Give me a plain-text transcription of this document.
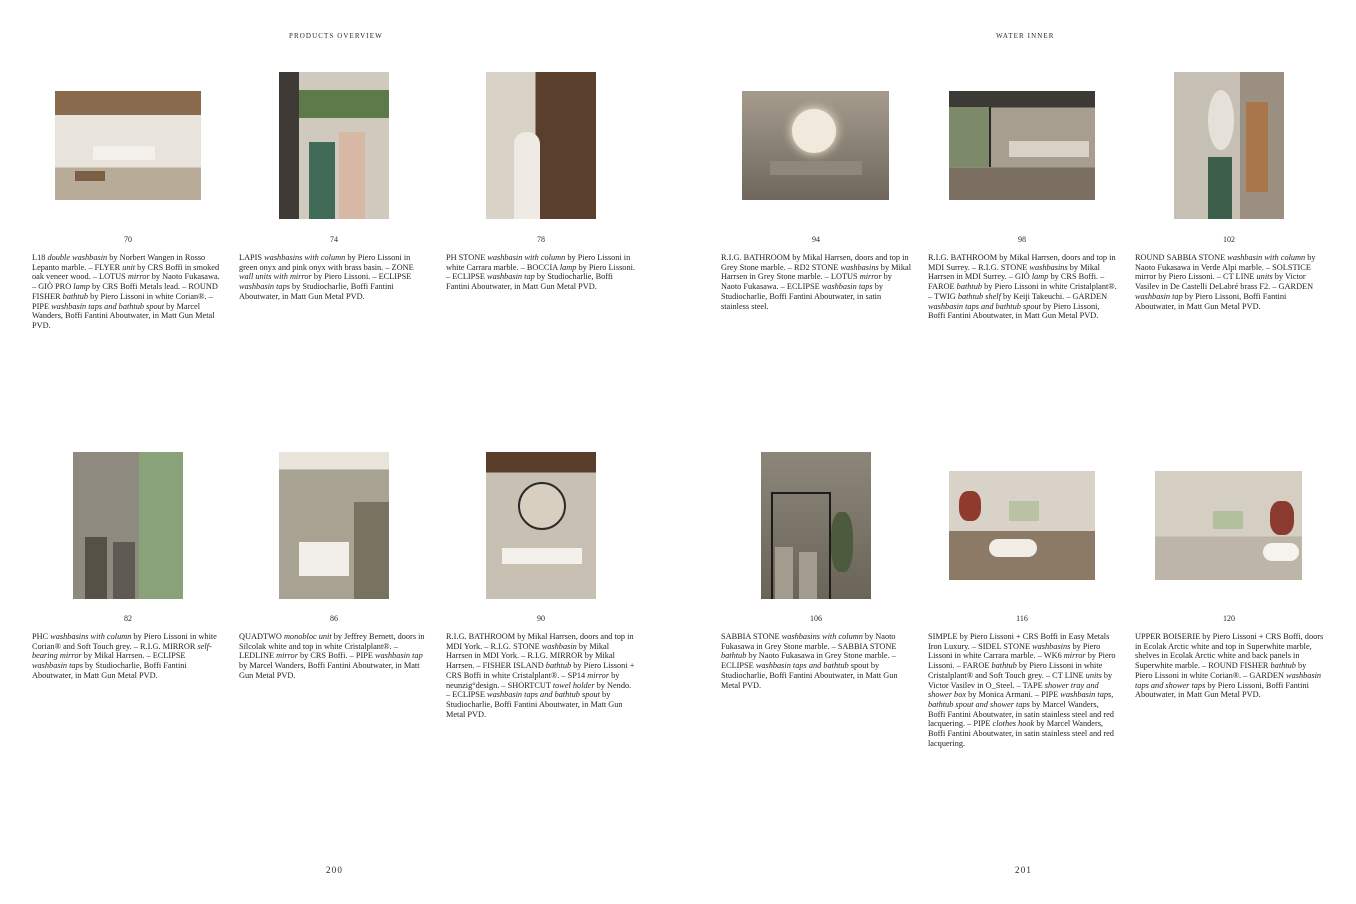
PRODUCTS OVERVIEW	WATER INNER
70	74	78	94	98	102
82	86	90	106	116	120
L18 double washbasin by Norbert Wangen in Rosso Lepanto marble. – FLYER unit by CRS Boffi in smoked oak veneer wood. – LOTUS mirror by Naoto Fukasawa. – GIÒ PRO lamp by CRS Boffi Metals lead. – ROUND FISHER bathtub by Piero Lissoni in white Corian®. – PIPE washbasin taps and bathtub spout by Marcel Wanders, Boffi Fantini Aboutwater, in Matt Gun Metal PVD.
LAPIS washbasins with column by Piero Lissoni in green onyx and pink onyx with brass basin. – ZONE wall units with mirror by Piero Lissoni. – ECLIPSE washbasin taps by Studiocharlie, Boffi Fantini Aboutwater, in Matt Gun Metal PVD.
PH STONE washbasin with column by Piero Lissoni in white Carrara marble. – BOCCIA lamp by Piero Lissoni. – ECLIPSE washbasin tap by Studiocharlie, Boffi Fantini Aboutwater, in Matt Gun Metal PVD.
R.I.G. BATHROOM by Mikal Harrsen, doors and top in Grey Stone marble. – RD2 STONE washbasins by Mikal Harrsen in Grey Stone marble. – LOTUS mirror by Naoto Fukasawa. – ECLIPSE washbasin taps by Studiocharlie, Boffi Fantini Aboutwater, in satin stainless steel.
R.I.G. BATHROOM by Mikal Harrsen, doors and top in MDI Surrey. – R.I.G. STONE washbasins by Mikal Harrsen in MDI Surrey. – GIÒ lamp by CRS Boffi. – FAROE bathtub by Piero Lissoni in white Cristalplant®. – TWIG bathtub shelf by Keiji Takeuchi. – GARDEN washbasin taps and bathtub spout by Piero Lissoni, Boffi Fantini Aboutwater, in Matt Gun Metal PVD.
ROUND SABBIA STONE washbasin with column by Naoto Fukasawa in Verde Alpi marble. – SOLSTICE mirror by Piero Lissoni. – CT LINE units by Victor Vasilev in De Castelli DeLabré brass F2. – GARDEN washbasin tap by Piero Lissoni, Boffi Fantini Aboutwater, in Matt Gun Metal PVD.
PHC washbasins with column by Piero Lissoni in white Corian® and Soft Touch grey. – R.I.G. MIRROR self-bearing mirror by Mikal Harrsen. – ECLIPSE washbasin taps by Studiocharlie, Boffi Fantini Aboutwater, in Matt Gun Metal PVD.
QUADTWO monobloc unit by Jeffrey Bernett, doors in Silcolak white and top in white Cristalplant®. – LEDLINE mirror by CRS Boffi. – PIPE washbasin tap by Marcel Wanders, Boffi Fantini Aboutwater, in Matt Gun Metal PVD.
R.I.G. BATHROOM by Mikal Harrsen, doors and top in MDI York. – R.I.G. STONE washbasin by Mikal Harrsen in MDI York. – R.I.G. MIRROR by Mikal Harrsen. – FISHER ISLAND bathtub by Piero Lissoni + CRS Boffi in white Cristalplant®. – SP14 mirror by neunzig°design. – SHORTCUT towel holder by Nendo. – ECLIPSE washbasin taps and bathtub spout by Studiocharlie, Boffi Fantini Aboutwater, in Matt Gun Metal PVD.
SABBIA STONE washbasins with column by Naoto Fukasawa in Grey Stone marble. – SABBIA STONE bathtub by Naoto Fukasawa in Grey Stone marble. – ECLIPSE washbasin taps and bathtub spout by Studiocharlie, Boffi Fantini Aboutwater, in Matt Gun Metal PVD.
SIMPLE by Piero Lissoni + CRS Boffi in Easy Metals Iron Luxury. – SIDEL STONE washbasins by Piero Lissoni in white Carrara marble. – WK6 mirror by Piero Lissoni. – FAROE bathtub by Piero Lissoni in white Cristalplant® and Soft Touch grey. – CT LINE units by Victor Vasilev in O_Steel. – TAPE shower tray and shower box by Monica Armani. – PIPE washbasin taps, bathtub spout and shower taps by Marcel Wanders, Boffi Fantini Aboutwater, in satin stainless steel and red lacquering. – PIPE clothes hook by Marcel Wanders, Boffi Fantini Aboutwater, in satin stainless steel and red lacquering.
UPPER BOISERIE by Piero Lissoni + CRS Boffi, doors in Ecolak Arctic white and top in Superwhite marble, shelves in Ecolak Arctic white and back panels in Superwhite marble. – ROUND FISHER bathtub by Piero Lissoni in white Corian®. – GARDEN washbasin taps and shower taps by Piero Lissoni, Boffi Fantini Aboutwater, in Matt Gun Metal PVD.
200	201
